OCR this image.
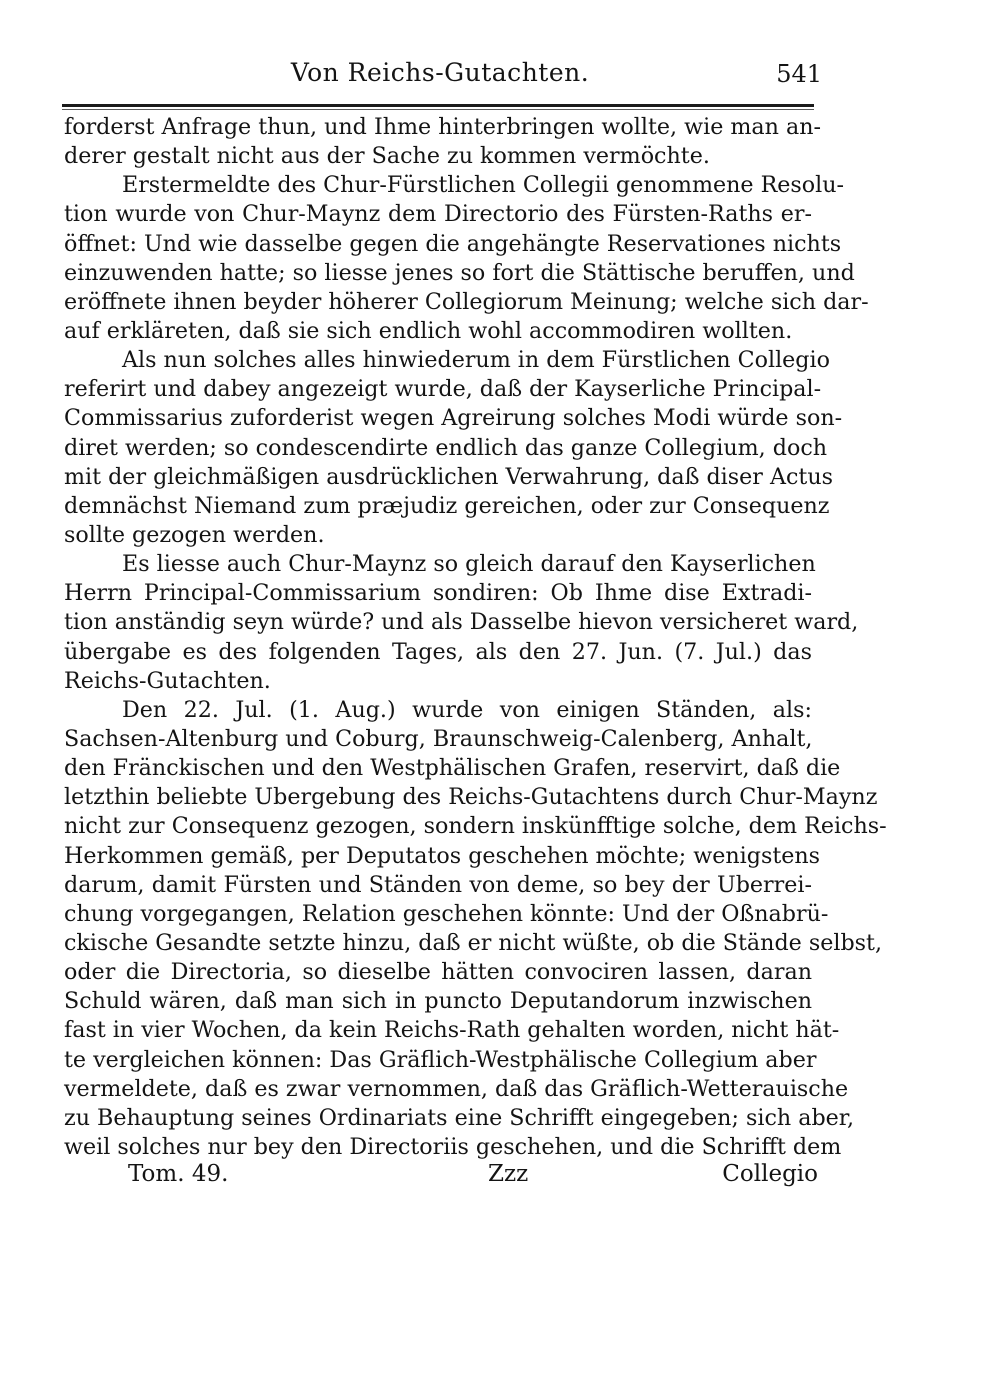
Von Reichs-Gutachten.	541
forderst Anfrage thun, und Ihme hinterbringen wollte, wie man an-
derer gestalt nicht aus der Sache zu kommen vermöchte.
Erstermeldte des Chur-Fürstlichen Collegii genommene Resolu-
tion wurde von Chur-Maynz dem Directorio des Fürsten-Raths er-
öffnet: Und wie dasselbe gegen die angehängte Reservationes nichts
einzuwenden hatte; so liesse jenes so fort die Stättische beruffen, und
eröffnete ihnen beyder höherer Collegiorum Meinung; welche sich dar-
auf erkläreten, daß sie sich endlich wohl accommodiren wollten.
Als nun solches alles hinwiederum in dem Fürstlichen Collegio
referirt und dabey angezeigt wurde, daß der Kayserliche Principal-
Commissarius zuforderist wegen Agreirung solches Modi würde son-
diret werden; so condescendirte endlich das ganze Collegium, doch
mit der gleichmäßigen ausdrücklichen Verwahrung, daß diser Actus
demnächst Niemand zum præjudiz gereichen, oder zur Consequenz
sollte gezogen werden.
Es liesse auch Chur-Maynz so gleich darauf den Kayserlichen
Herrn Principal-Commissarium sondiren: Ob Ihme dise Extradi-
tion anständig seyn würde? und als Dasselbe hievon versicheret ward,
übergabe es des folgenden Tages, als den 27. Jun. (7. Jul.) das
Reichs-Gutachten.
Den 22. Jul. (1. Aug.) wurde von einigen Ständen, als:
Sachsen-Altenburg und Coburg, Braunschweig-Calenberg, Anhalt,
den Fränckischen und den Westphälischen Grafen, reservirt, daß die
letzthin beliebte Ubergebung des Reichs-Gutachtens durch Chur-Maynz
nicht zur Consequenz gezogen, sondern inskünfftige solche, dem Reichs-
Herkommen gemäß, per Deputatos geschehen möchte; wenigstens
darum, damit Fürsten und Ständen von deme, so bey der Uberrei-
chung vorgegangen, Relation geschehen könnte: Und der Oßnabrü-
ckische Gesandte setzte hinzu, daß er nicht wüßte, ob die Stände selbst,
oder die Directoria, so dieselbe hätten convociren lassen, daran
Schuld wären, daß man sich in puncto Deputandorum inzwischen
fast in vier Wochen, da kein Reichs-Rath gehalten worden, nicht hät-
te vergleichen können: Das Gräflich-Westphälische Collegium aber
vermeldete, daß es zwar vernommen, daß das Gräflich-Wetterauische
zu Behauptung seines Ordinariats eine Schrifft eingegeben; sich aber,
weil solches nur bey den Directoriis geschehen, und die Schrifft dem
Tom. 49.	Zzz	Collegio
